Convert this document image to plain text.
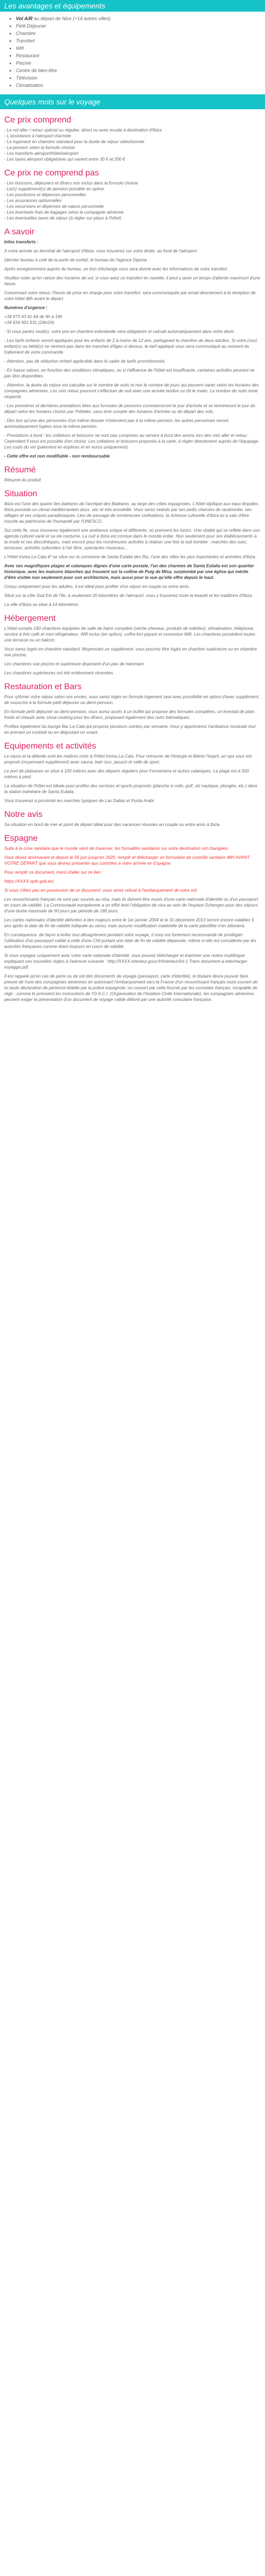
Les avantages et équipements
• Vol A/R au départ de Nice (+14 autres villes)
• Petit Déjeuner
• Chambre
• Transfert
• Wifi
• Restaurant
• Piscine
• Centre de bien-être
• Télévision
• Climatisation
Quelques mots sur le voyage
Ce prix comprend
- Le vol aller / retour spécial ou régulier, direct ou avec escale à destination d'Ibiza
- L'assistance à l'aéroport d'arrivée
- Le logement en chambre standard pour la durée de séjour sélectionnée
- La pension selon la formule choisie
- Les transferts aéroport/hôtel/aéroport
- Les taxes aéroport obligatoires qui varient entre 30 € et 200 €
Ce prix ne comprend pas
- Les boissons, déjeuners et dîners non inclus dans la formule choisie
- Le(s) supplément(s) de pension possible en option
- Les pourboires et dépenses personnelles
- Les assurances optionnelles
- Les excursions et dépenses de nature personnelle
- Les éventuels frais de bagages selon la compagnie aérienne
- Les éventuelles taxes de séjour (à régler sur place à l'hôtel)
A savoir

Infos transferts :

A votre arrivée au terminal de l'aéroport d'Ibiza, vous trouverez sur votre droite, au fond de l'aéroport

(dernier bureau à coté de la porte de sortie), le bureau de l'agence Dipesa.

Après enregistrement auprès du bureau, un bon d'échange vous sera donné avec les informations de votre transfert.

Veuillez noter qu'en raison des horaires de vol, si vous avez un transfert en navette, il peut y avoir un temps d'attente maximum d'une heure.

Concernant votre retour, l'heure de prise en charge pour votre transfert, sera communiquée par email directement à la réception de votre hôtel 48h avant le départ.

Numéros d'urgence :

+34 973 43 41 64 de 9h à 19h

+34 634 901 631 (24h/24)

- Si vous partez seul(e), votre prix en chambre individuelle sera obligatoire et calculé automatiquement dans votre devis.

- Les tarifs enfants seront appliqués pour les enfants de 2 à moins de 12 ans, partageant la chambre de deux adultes. Si votre (vos) enfant(s) ou bébé(s) ne rentrent pas dans les tranches d'âges ci-dessus, le tarif appliqué vous sera communiqué au moment du traitement de votre commande.

- Attention, pas de réduction enfant applicable dans le cadre de tarifs promotionnels.

- En basse saison, en fonction des conditions climatiques, ou si l'affluence de l'hôtel est insuffisante, certaines activités peuvent ne pas être disponibles.

- Attention, la durée du séjour est calculée sur le nombre de nuits et non le nombre de jours qui peuvent varier selon les horaires des compagnies aériennes. Les vols retour pourront s'effectuer de nuit avec une arrivée tardive ou tôt le matin. Le nombre de nuits reste respecté.

- Les premières et dernières prestations liées aux formules de pensions commenceront le jour d'arrivée et se termineront le jour du départ selon les horaires choisis par l'hôtelier, sans tenir compte des horaires d'arrivée ou de départ des vols.

- Dès lors qu'une des personnes d'un même dossier n'intervient pas à la même pension, les autres personnes seront automatiquement logées sous la même pension.

- Prestations à bord : les collations et boissons ne sont pas comprises au service à bord des avions lors des vols aller et retour. Cependant il vous est possible d'en choisir. Les collations et boissons proposés à la carte, à régler directement auprès de l'équipage. Les couts du vol (paiement en espèces et en euros uniquement).

- Cette offre est non modifiable - non remboursable

Résumé

Résumé du produit

Situation

Ibiza est l'une des quatre îles baléares de l'archipel des Baléares, au large des côtes espagnoles. L'hôtel idyllique aux eaux limpides. Ibiza possède un climat méditerranéen doux, sec et très ensoleillé. Vous serez séduits par ses petits chemins de randonnée, ses villages et ses criques paradisiaques. Lieu de passage de nombreuses civilisations, la richesse culturelle d'Ibiza lui a valu d'être inscrite au patrimoine de l'humanité par l'UNESCO.

Sur cette île, vous trouverez également une ambiance unique et différente, où prennent les loisirs. Une vitalité qui se reflète dans son agenda culturel varié et sa vie nocturne. La nuit à Ibiza est connue dans le monde entier. Non seulement pour ses établissements à la mode et ses discothèques, mais encore pour les nombreuses activités à réaliser une fois la nuit tombée : marchés des rues, terrasses, activités culturelles à l'air libre, spectacles musicaux...

L'Hôtel Invisa La Cala 4* se situe sur la commune de Santa Eulalia des Riu, l'une des villes les plus importantes et animées d'Ibiza.

Avec ses magnifiques plages et calanques dignes d'une carte postale, l'un des charmes de Santa Eulalia est son quartier historique, avec les maisons blanches qui trouvent sur la colline de Puig de Misa, surplombé par une église qui mérite d'être visitée non seulement pour son architecture, mais aussi pour la vue qu'elle offre depuis le haut.

Conçu uniquement pour les adultes, il est idéal pour profiter d'un séjour en couple ou entre amis.

Situé sur la côte Sud Est de l'île, à seulement 20 kilomètres de l'aéroport, vous y trouverez toute la beauté et les traditions d'Ibiza.

La ville d'Ibiza se situe à 14 kilomètres.

Hébergement

L'hôtel compte 180 chambres équipées de salle de bains complète (sèche cheveux, produits de toilettes), climatisation, téléphone, service à thé/ café et mini réfrigérateur. Wifi inclus (en option), coffre-fort payant et connexion Wifi. Les chambres possèdent toutes une terrasse ou un balcon.

Vous serez logés en chambre standard. Moyennant un supplément, vous pourrez être logés en chambre supérieure ou en chambre vue piscine.

Les chambres vue piscine et supérieure disposent d'un peu de hammam.

Les chambres supérieures ont été entièrement rénovées.

Restauration et Bars

Pour rythmer votre séjour selon vos envies, vous serez logés en formule logement seul avec possibilité en option d'avec supplément, de souscrire à la formule petit déjeuner ou demi-pension.

En formule petit déjeuner ou demi-pension, vous aurez accès à un buffet qui propose des formules complètes, un éventail de plats froids et chauds avec show cooking pour les dîners, proposant également des nuits thématiques.

Profitez également du lounge Bar La Cala qui propose plusieurs soirées par semaine. Vous y apprécierez l'ambiance musicale tout en prenant un cocktail ou en dégustant un snack.

Equipements et activités

Le repos et la détente sont les maîtres mots à l'hôtel Invisa La Cala. Pour retrouver de l'énergie et libérer l'esprit, un spa vous est proposé (moyennant supplément) avec sauna, bain turc, jacuzzi et salle de sport.

Le port de plaisance se situe à 100 mètres avec des départs réguliers pour Formentera et autres calanques. La plage est à 500 mètres à pied.

La situation de l'hôtel est idéale pour profiter des services et sports proposés (planche à voile, golf, ski nautique, plongée, etc.) dans la station balnéaire de Santa Eulalia.

Vous trouverez à proximité les marchés typiques de Las Dalias et Punta Arabí.

Notre avis

Sa situation en bord de mer et point de départ idéal pour des vacances réussies en couple ou entre amis à Ibiza.

Espagne

Suite à la crise sanitaire que le monde vient de traverser, les formalités sanitaires sur votre destination ont changées.

Vous devez dorénavant et depuis le 05 juin jusqu'en 2020, remplir et télécharger un formulaire de contrôle sanitaire 48H AVANT VOTRE DÉPART que vous devrez présenter aux contrôles à votre arrivée en Espagne.

Pour remplir ce document, merci d'aller sur ce lien :

https://XXXX.spth.gob.es/

Si vous n'êtes pas en possession de ce document, vous serez refusé à l'embarquement de votre vol.

Les ressortissants français ne sont pas soumis au visa, mais ils doivent être munis d'une carte nationale d'identité ou d'un passeport en cours de validité. La Communauté européenne a un effet levé l'obligation de visa au sein de l'espace Schengen pour des séjours d'une durée maximale de 90 jours par période de 180 jours.

Les cartes nationales d'identité délivrées à des majeurs entre le 1er janvier 2004 et le 31 décembre 2013 seront encore valables 5 ans après la date de fin de validité indiquée au verso, mais aucune modification matérielle de la carte plastifiée n'en attestera.

En conséquence, de façon à éviter tout désagrément pendant votre voyage, il vous est fortement recommandé de privilégier l'utilisation d'un passeport valide à celle d'une CNI portant une date de fin de validité dépassée, même si elle est considérée par les autorités françaises comme étant toujours en cours de validité.

Si vous voyagez uniquement avec votre carte nationale d'identité, vous pouvez télécharger et imprimer une notice multilingue expliquant ces nouvelles règles à l'adresse suivante : http://XXXX.interieur.gouv.fr/Interieur/Int-1 Trans document-a-telecharger-voyagge.pdf.

Il est rappelé qu'en cas de perte ou de vol des documents de voyage (passeport, carte d'identité), le titulaire devra pouvoir faire preuve de l'une des compagnies aériennes en autorisant l'embarquement vers la France d'un ressortissant français muni couvert de la seule déclaration de perte/vol établie par la police espagnole, ou couvert par celle fournie par les consulats français, incapable de régir : comme le prévoient les instructions de l'O.A.C.I. (Organisation de l'Aviation Civile Internationale), les compagnies aériennes peuvent exiger la présentation d'un document de voyage valide délivré par une autorité consulaire française.
